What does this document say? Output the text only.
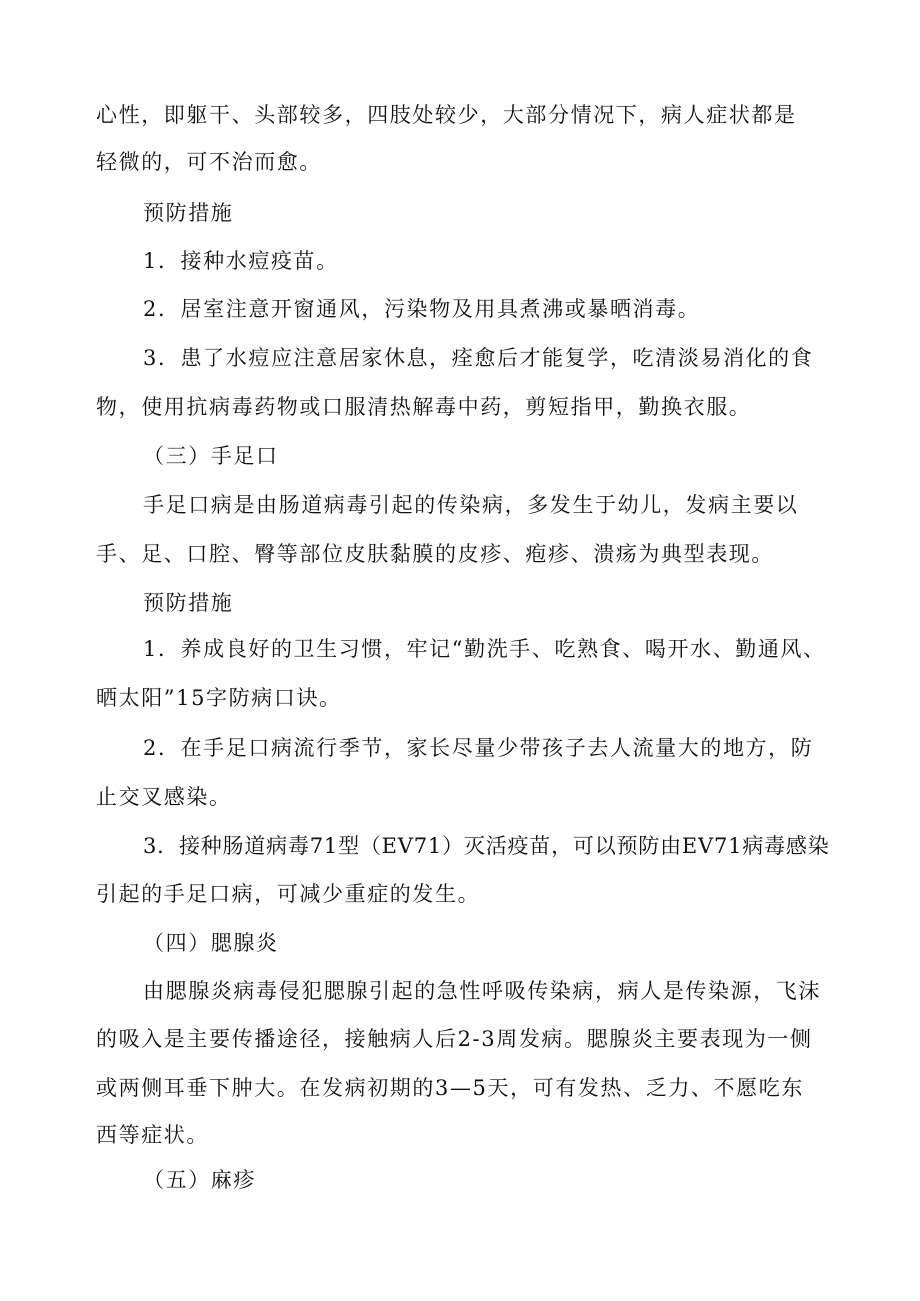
心性，即躯干、头部较多，四肢处较少，大部分情况下，病人症状都是
轻微的，可不治而愈。
预防措施
1．接种水痘疫苗。
2．居室注意开窗通风，污染物及用具煮沸或暴晒消毒。
3．患了水痘应注意居家休息，痊愈后才能复学，吃清淡易消化的食
物，使用抗病毒药物或口服清热解毒中药，剪短指甲，勤换衣服。
（三）手足口
手足口病是由肠道病毒引起的传染病，多发生于幼儿，发病主要以
手、足、口腔、臀等部位皮肤黏膜的皮疹、疱疹、溃疡为典型表现。
预防措施
1．养成良好的卫生习惯，牢记“勤洗手、吃熟食、喝开水、勤通风、
晒太阳”15字防病口诀。
2．在手足口病流行季节，家长尽量少带孩子去人流量大的地方，防
止交叉感染。
3．接种肠道病毒71型（EV71）灭活疫苗，可以预防由EV71病毒感染
引起的手足口病，可减少重症的发生。
（四）腮腺炎
由腮腺炎病毒侵犯腮腺引起的急性呼吸传染病，病人是传染源，飞沫
的吸入是主要传播途径，接触病人后2-3周发病。腮腺炎主要表现为一侧
或两侧耳垂下肿大。在发病初期的3—5天，可有发热、乏力、不愿吃东
西等症状。
（五）麻疹
